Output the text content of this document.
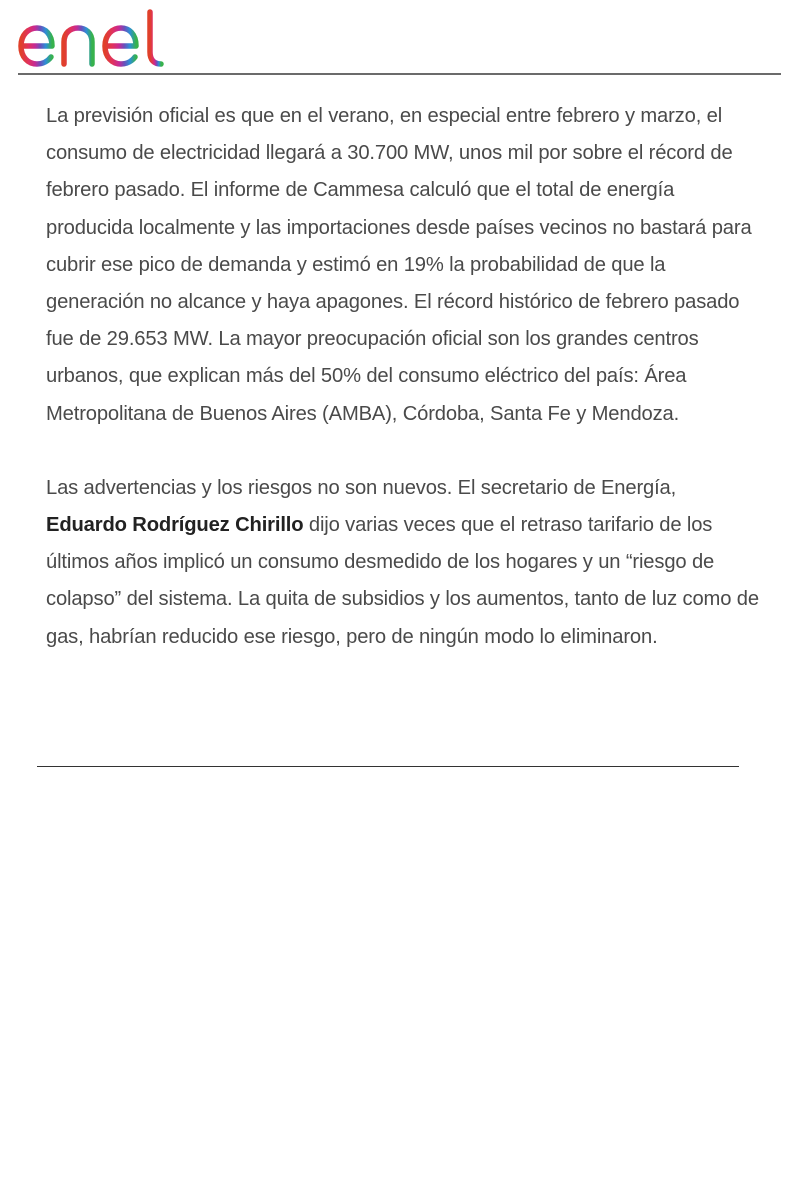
La previsión oficial es que en el verano, en especial entre febrero y marzo, el consumo de electricidad llegará a 30.700 MW, unos mil por sobre el récord de febrero pasado. El informe de Cammesa calculó que el total de energía producida localmente y las importaciones desde países vecinos no bastará para cubrir ese pico de demanda y estimó en 19% la probabilidad de que la generación no alcance y haya apagones. El récord histórico de febrero pasado fue de 29.653 MW. La mayor preocupación oficial son los grandes centros urbanos, que explican más del 50% del consumo eléctrico del país: Área Metropolitana de Buenos Aires (AMBA), Córdoba, Santa Fe y Mendoza.

Las advertencias y los riesgos no son nuevos. El secretario de Energía, Eduardo Rodríguez Chirillo dijo varias veces que el retraso tarifario de los últimos años implicó un consumo desmedido de los hogares y un “riesgo de colapso” del sistema. La quita de subsidios y los aumentos, tanto de luz como de gas, habrían reducido ese riesgo, pero de ningún modo lo eliminaron.
